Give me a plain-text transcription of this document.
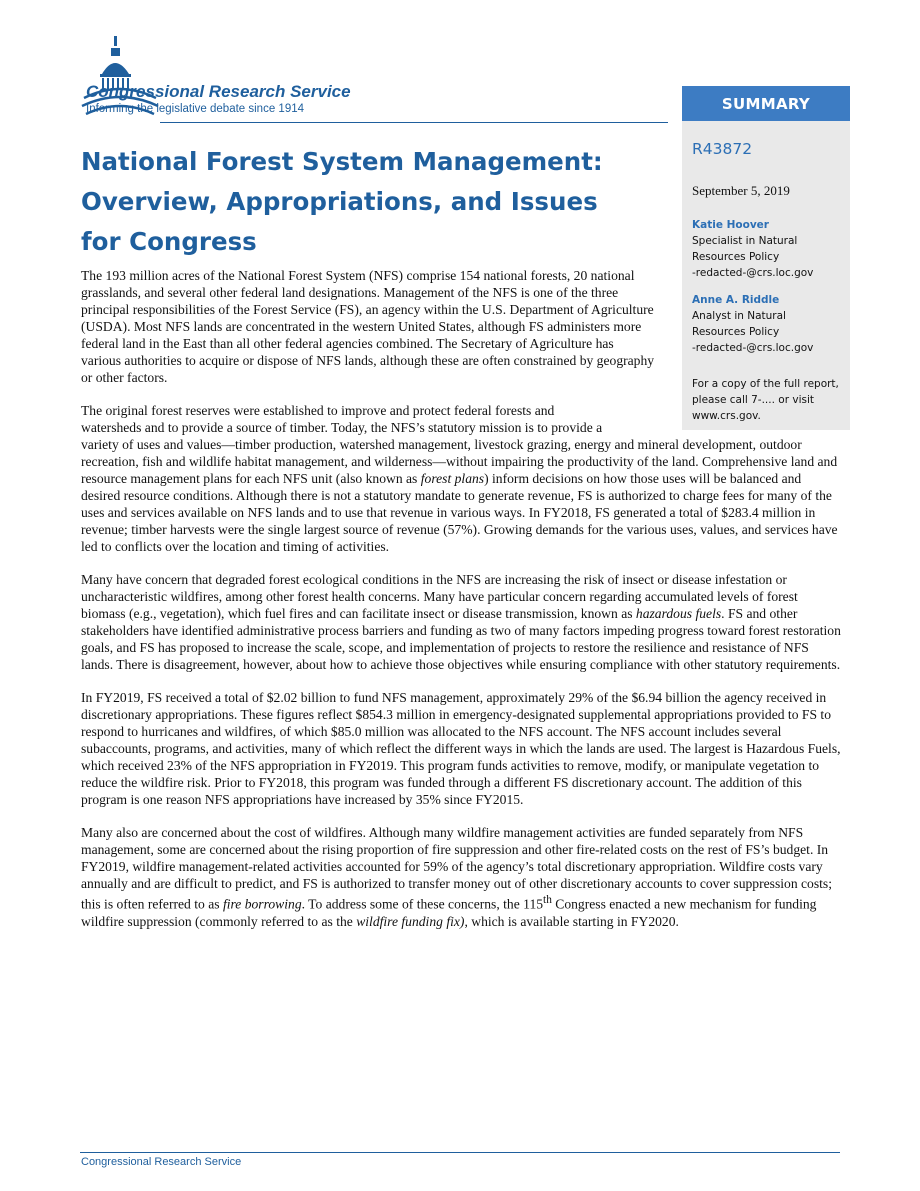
Congressional Research Service
Informing the legislative debate since 1914	SUMMARY
R43872
September 5, 2019
Katie Hoover
Specialist in Natural
Resources Policy
-redacted-@crs.loc.gov
Anne A. Riddle
Analyst in Natural
Resources Policy
-redacted-@crs.loc.gov
For a copy of the full report, please call 7-.... or visit www.crs.gov.
National Forest System Management:
Overview, Appropriations, and Issues
for Congress

The 193 million acres of the National Forest System (NFS) comprise 154 national forests, 20 national grasslands, and several other federal land designations. Management of the NFS is one of the three principal responsibilities of the Forest Service (FS), an agency within the U.S. Department of Agriculture (USDA). Most NFS lands are concentrated in the western United States, although FS administers more federal land in the East than all other federal agencies combined. The Secretary of Agriculture has various authorities to acquire or dispose of NFS lands, although these are often constrained by geography or other factors.

The original forest reserves were established to improve and protect federal forests and
watersheds and to provide a source of timber. Today, the NFS’s statutory mission is to provide a
variety of uses and values—timber production, watershed management, livestock grazing, energy and mineral development, outdoor recreation, fish and wildlife habitat management, and wilderness—without impairing the productivity of the land. Comprehensive land and resource management plans for each NFS unit (also known as forest plans) inform decisions on how those uses will be balanced and desired resource conditions. Although there is not a statutory mandate to generate revenue, FS is authorized to charge fees for many of the uses and services available on NFS lands and to use that revenue in various ways. In FY2018, FS generated a total of $283.4 million in revenue; timber harvests were the single largest source of revenue (57%). Growing demands for the various uses, values, and services have led to conflicts over the location and timing of activities.

Many have concern that degraded forest ecological conditions in the NFS are increasing the risk of insect or disease infestation or uncharacteristic wildfires, among other forest health concerns. Many have particular concern regarding accumulated levels of forest biomass (e.g., vegetation), which fuel fires and can facilitate insect or disease transmission, known as hazardous fuels. FS and other stakeholders have identified administrative process barriers and funding as two of many factors impeding progress toward forest restoration goals, and FS has proposed to increase the scale, scope, and implementation of projects to restore the resilience and resistance of NFS lands. There is disagreement, however, about how to achieve those objectives while ensuring compliance with other statutory requirements.

In FY2019, FS received a total of $2.02 billion to fund NFS management, approximately 29% of the $6.94 billion the agency received in discretionary appropriations. These figures reflect $854.3 million in emergency-designated supplemental appropriations provided to FS to respond to hurricanes and wildfires, of which $85.0 million was allocated to the NFS account. The NFS account includes several subaccounts, programs, and activities, many of which reflect the different ways in which the lands are used. The largest is Hazardous Fuels, which received 23% of the NFS appropriation in FY2019. This program funds activities to remove, modify, or manipulate vegetation to reduce the wildfire risk. Prior to FY2018, this program was funded through a different FS discretionary account. The addition of this program is one reason NFS appropriations have increased by 35% since FY2015.

Many also are concerned about the cost of wildfires. Although many wildfire management activities are funded separately from NFS management, some are concerned about the rising proportion of fire suppression and other fire-related costs on the rest of FS’s budget. In FY2019, wildfire management-related activities accounted for 59% of the agency’s total discretionary appropriation. Wildfire costs vary annually and are difficult to predict, and FS is authorized to transfer money out of other discretionary accounts to cover suppression costs; this is often referred to as fire borrowing. To address some of these concerns, the 115th Congress enacted a new mechanism for funding wildfire suppression (commonly referred to as the wildfire funding fix), which is available starting in FY2020.

Congressional Research Service
